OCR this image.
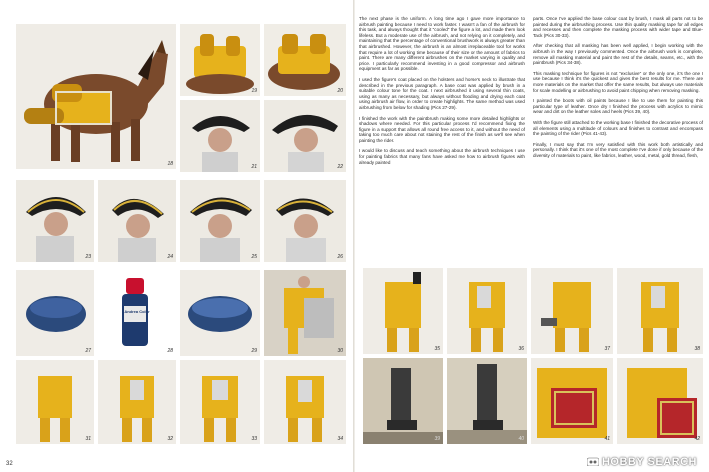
18
19	20
21	22
23	24	25	26
27
Andrea Color
28	29	30
31	32	33	34
32

The next phase is the uniform. A long time ago I gave more importance to airbrush painting because I need to work faster. I wasn't a fan of the airbrush for this task, and always thought that it "cooled" the figure a lot, and made them look lifeless. But a moderate use of the airbrush, and not relying on it completely, and maintaining that the percentage of conventional brushwork is always greater than that airbrushed. However, the airbrush is an almost irreplaceable tool for works that require a lot of working time because of their size or the amount of fabrics to paint. There are many different airbrushes on the market varying in quality and price. I particularly recommend investing in a good compressor and airbrush equipment as far as possible.

I used the figure's coat placed on the holsters and horse's neck to illustrate that described in the previous paragraph. A base coat was applied by brush in a suitable colour tone for the coat. I next airbrushed it using several thin coats, using as many as necessary, but always without flooding and drying each coat using airbrush air flow, in order to create highlights. The same method was used airbrushing from below for shading (Pics 27-29).

I finished the work with the paintbrush making some more detailed highlights or shadows where needed. For this particular process I'd recommend fixing the figure in a support that allows all round free access to it, and without the need of taking too much care about not staining the rest of the finish as we'll see when painting the rider.

I would like to discuss and teach something about the airbrush techniques I use for painting fabrics that many fans have asked me how to airbrush figures with already painted

parts. Once I've applied the base colour coat by brush, I mask all parts not to be painted during the airbrushing process. Use thin quality masking tape for all edges and recesses and then complete the masking process with wider tape and Blue-Tack (Pics 30-33).

After checking that all masking has been well applied, I begin working with the airbrush in the way I previously commented. Once the airbrush work is complete, remove all masking material and paint the rest of the details, seams, etc., with the paintbrush (Pics 34-38).

This masking technique for figures is not "exclusive" or the only one, it's the one I use because I think it's the quickest and gives the best results for me. There are more materials on the market that offer the same results, but always use materials for scale modelling or airbrushing to avoid paint chipping when removing masking.

I painted the boots with oil paints because I like to use them for painting this particular type of leather. Once dry I finished the process with acrylics to mimic wear and dirt on the leather soles and heels (Pics 39, 40).

With the figure still attached to the working base I finished the decorative process of all elements using a multitude of colours and finishes to contrast and encompass the painting of the rider (Pics 41-43).

Finally, I must say that I'm very satisfied with this work both artistically and personally. I think that it's one of the most complete I've done if only because of the diversity of materials to paint, like fabrics, leather, wood, metal, gold thread, flesh,

35	36	37	38
39	40	41	42
HOBBY SEARCH
